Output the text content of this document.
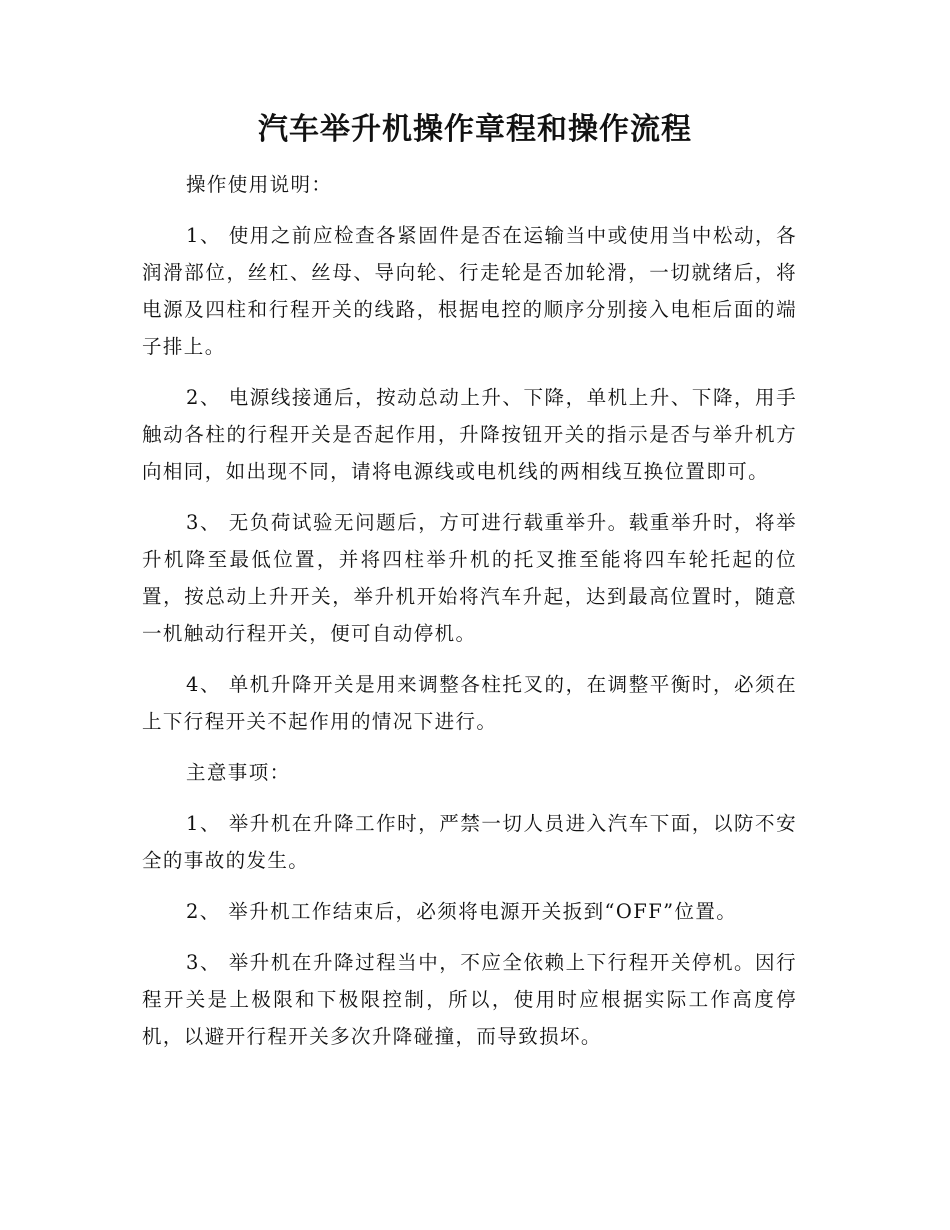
汽车举升机操作章程和操作流程

操作使用说明：

1、 使用之前应检查各紧固件是否在运输当中或使用当中松动，各润滑部位，丝杠、丝母、导向轮、行走轮是否加轮滑，一切就绪后，将电源及四柱和行程开关的线路，根据电控的顺序分别接入电柜后面的端子排上。

2、 电源线接通后，按动总动上升、下降，单机上升、下降，用手触动各柱的行程开关是否起作用，升降按钮开关的指示是否与举升机方向相同，如出现不同，请将电源线或电机线的两相线互换位置即可。

3、 无负荷试验无问题后，方可进行载重举升。载重举升时，将举升机降至最低位置，并将四柱举升机的托叉推至能将四车轮托起的位置，按总动上升开关，举升机开始将汽车升起，达到最高位置时，随意一机触动行程开关，便可自动停机。

4、 单机升降开关是用来调整各柱托叉的，在调整平衡时，必须在上下行程开关不起作用的情况下进行。

主意事项：

1、 举升机在升降工作时，严禁一切人员进入汽车下面，以防不安全的事故的发生。

2、 举升机工作结束后，必须将电源开关扳到“OFF”位置。

3、 举升机在升降过程当中，不应全依赖上下行程开关停机。因行程开关是上极限和下极限控制，所以，使用时应根据实际工作高度停机，以避开行程开关多次升降碰撞，而导致损坏。
